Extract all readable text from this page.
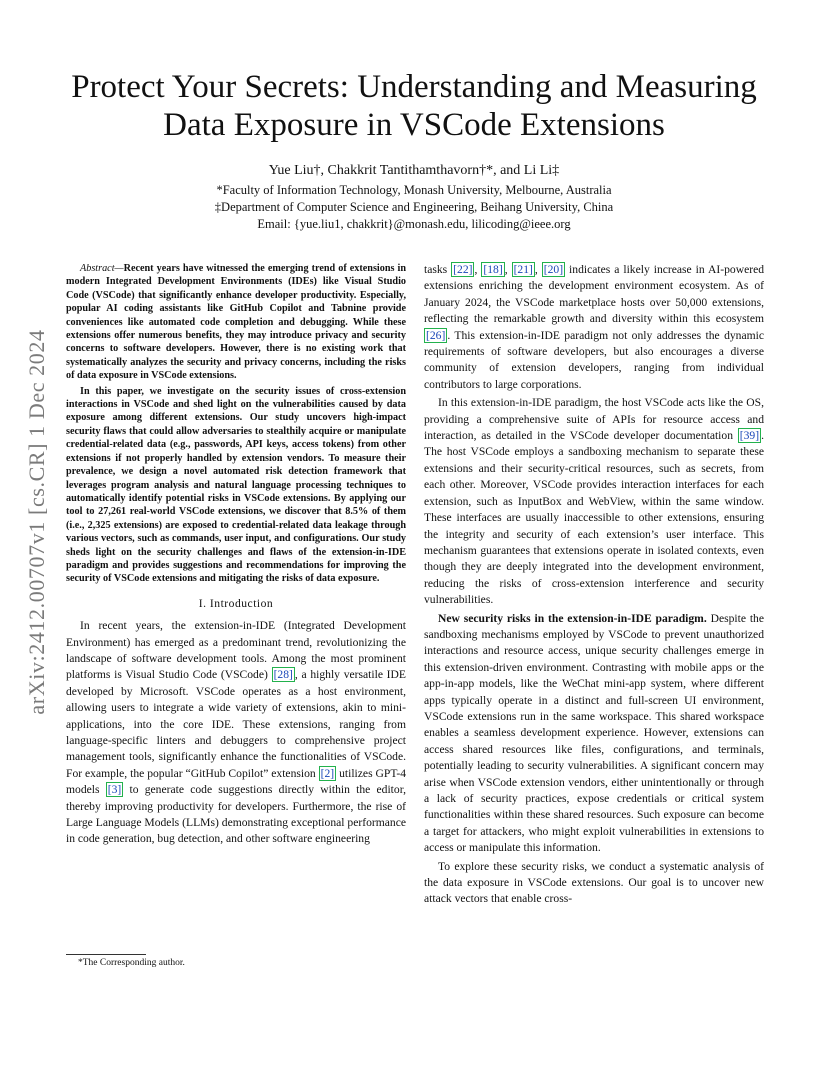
arXiv:2412.00707v1 [cs.CR] 1 Dec 2024
Protect Your Secrets: Understanding and Measuring Data Exposure in VSCode Extensions
Yue Liu†, Chakkrit Tantithamthavorn†*, and Li Li‡
*Faculty of Information Technology, Monash University, Melbourne, Australia
‡Department of Computer Science and Engineering, Beihang University, China
Email: {yue.liu1, chakkrit}@monash.edu, lilicoding@ieee.org

Abstract—Recent years have witnessed the emerging trend of extensions in modern Integrated Development Environments (IDEs) like Visual Studio Code (VSCode) that significantly enhance developer productivity. Especially, popular AI coding assistants like GitHub Copilot and Tabnine provide conveniences like automated code completion and debugging. While these extensions offer numerous benefits, they may introduce privacy and security concerns to software developers. However, there is no existing work that systematically analyzes the security and privacy concerns, including the risks of data exposure in VSCode extensions.

In this paper, we investigate on the security issues of cross-extension interactions in VSCode and shed light on the vulnerabilities caused by data exposure among different extensions. Our study uncovers high-impact security flaws that could allow adversaries to stealthily acquire or manipulate credential-related data (e.g., passwords, API keys, access tokens) from other extensions if not properly handled by extension vendors. To measure their prevalence, we design a novel automated risk detection framework that leverages program analysis and natural language processing techniques to automatically identify potential risks in VSCode extensions. By applying our tool to 27,261 real-world VSCode extensions, we discover that 8.5% of them (i.e., 2,325 extensions) are exposed to credential-related data leakage through various vectors, such as commands, user input, and configurations. Our study sheds light on the security challenges and flaws of the extension-in-IDE paradigm and provides suggestions and recommendations for improving the security of VSCode extensions and mitigating the risks of data exposure.

I. Introduction

In recent years, the extension-in-IDE (Integrated Development Environment) has emerged as a predominant trend, revolutionizing the landscape of software development tools. Among the most prominent platforms is Visual Studio Code (VSCode) [28] , a highly versatile IDE developed by Microsoft. VSCode operates as a host environment, allowing users to integrate a wide variety of extensions, akin to mini-applications, into the core IDE. These extensions, ranging from language-specific linters and debuggers to comprehensive project management tools, significantly enhance the functionalities of VSCode. For example, the popular “GitHub Copilot” extension [2] utilizes GPT-4 models [3] to generate code suggestions directly within the editor, thereby improving productivity for developers. Furthermore, the rise of Large Language Models (LLMs) demonstrating exceptional performance in code generation, bug detection, and other software engineering

tasks [22] , [18] , [21] , [20] indicates a likely increase in AI-powered extensions enriching the development environment ecosystem. As of January 2024, the VSCode marketplace hosts over 50,000 extensions, reflecting the remarkable growth and diversity within this ecosystem [26] . This extension-in-IDE paradigm not only addresses the dynamic requirements of software developers, but also encourages a diverse community of extension developers, ranging from individual contributors to large corporations.

In this extension-in-IDE paradigm, the host VSCode acts like the OS, providing a comprehensive suite of APIs for resource access and interaction, as detailed in the VSCode developer documentation [39] . The host VSCode employs a sandboxing mechanism to separate these extensions and their security-critical resources, such as secrets, from each other. Moreover, VSCode provides interaction interfaces for each extension, such as InputBox and WebView, within the same window. These interfaces are usually inaccessible to other extensions, ensuring the integrity and security of each extension’s user interface. This mechanism guarantees that extensions operate in isolated contexts, even though they are deeply integrated into the development environment, reducing the risks of cross-extension interference and security vulnerabilities.

New security risks in the extension-in-IDE paradigm. Despite the sandboxing mechanisms employed by VSCode to prevent unauthorized interactions and resource access, unique security challenges emerge in this extension-driven environment. Contrasting with mobile apps or the app-in-app models, like the WeChat mini-app system, where different apps typically operate in a distinct and full-screen UI environment, VSCode extensions run in the same workspace. This shared workspace enables a seamless development experience. However, extensions can access shared resources like files, configurations, and terminals, potentially leading to security vulnerabilities. A significant concern may arise when VSCode extension vendors, either unintentionally or through a lack of security practices, expose credentials or critical system functionalities within these shared resources. Such exposure can become a target for attackers, who might exploit vulnerabilities in extensions to access or manipulate this information.

To explore these security risks, we conduct a systematic analysis of the data exposure in VSCode extensions. Our goal is to uncover new attack vectors that enable cross-

*The Corresponding author.
